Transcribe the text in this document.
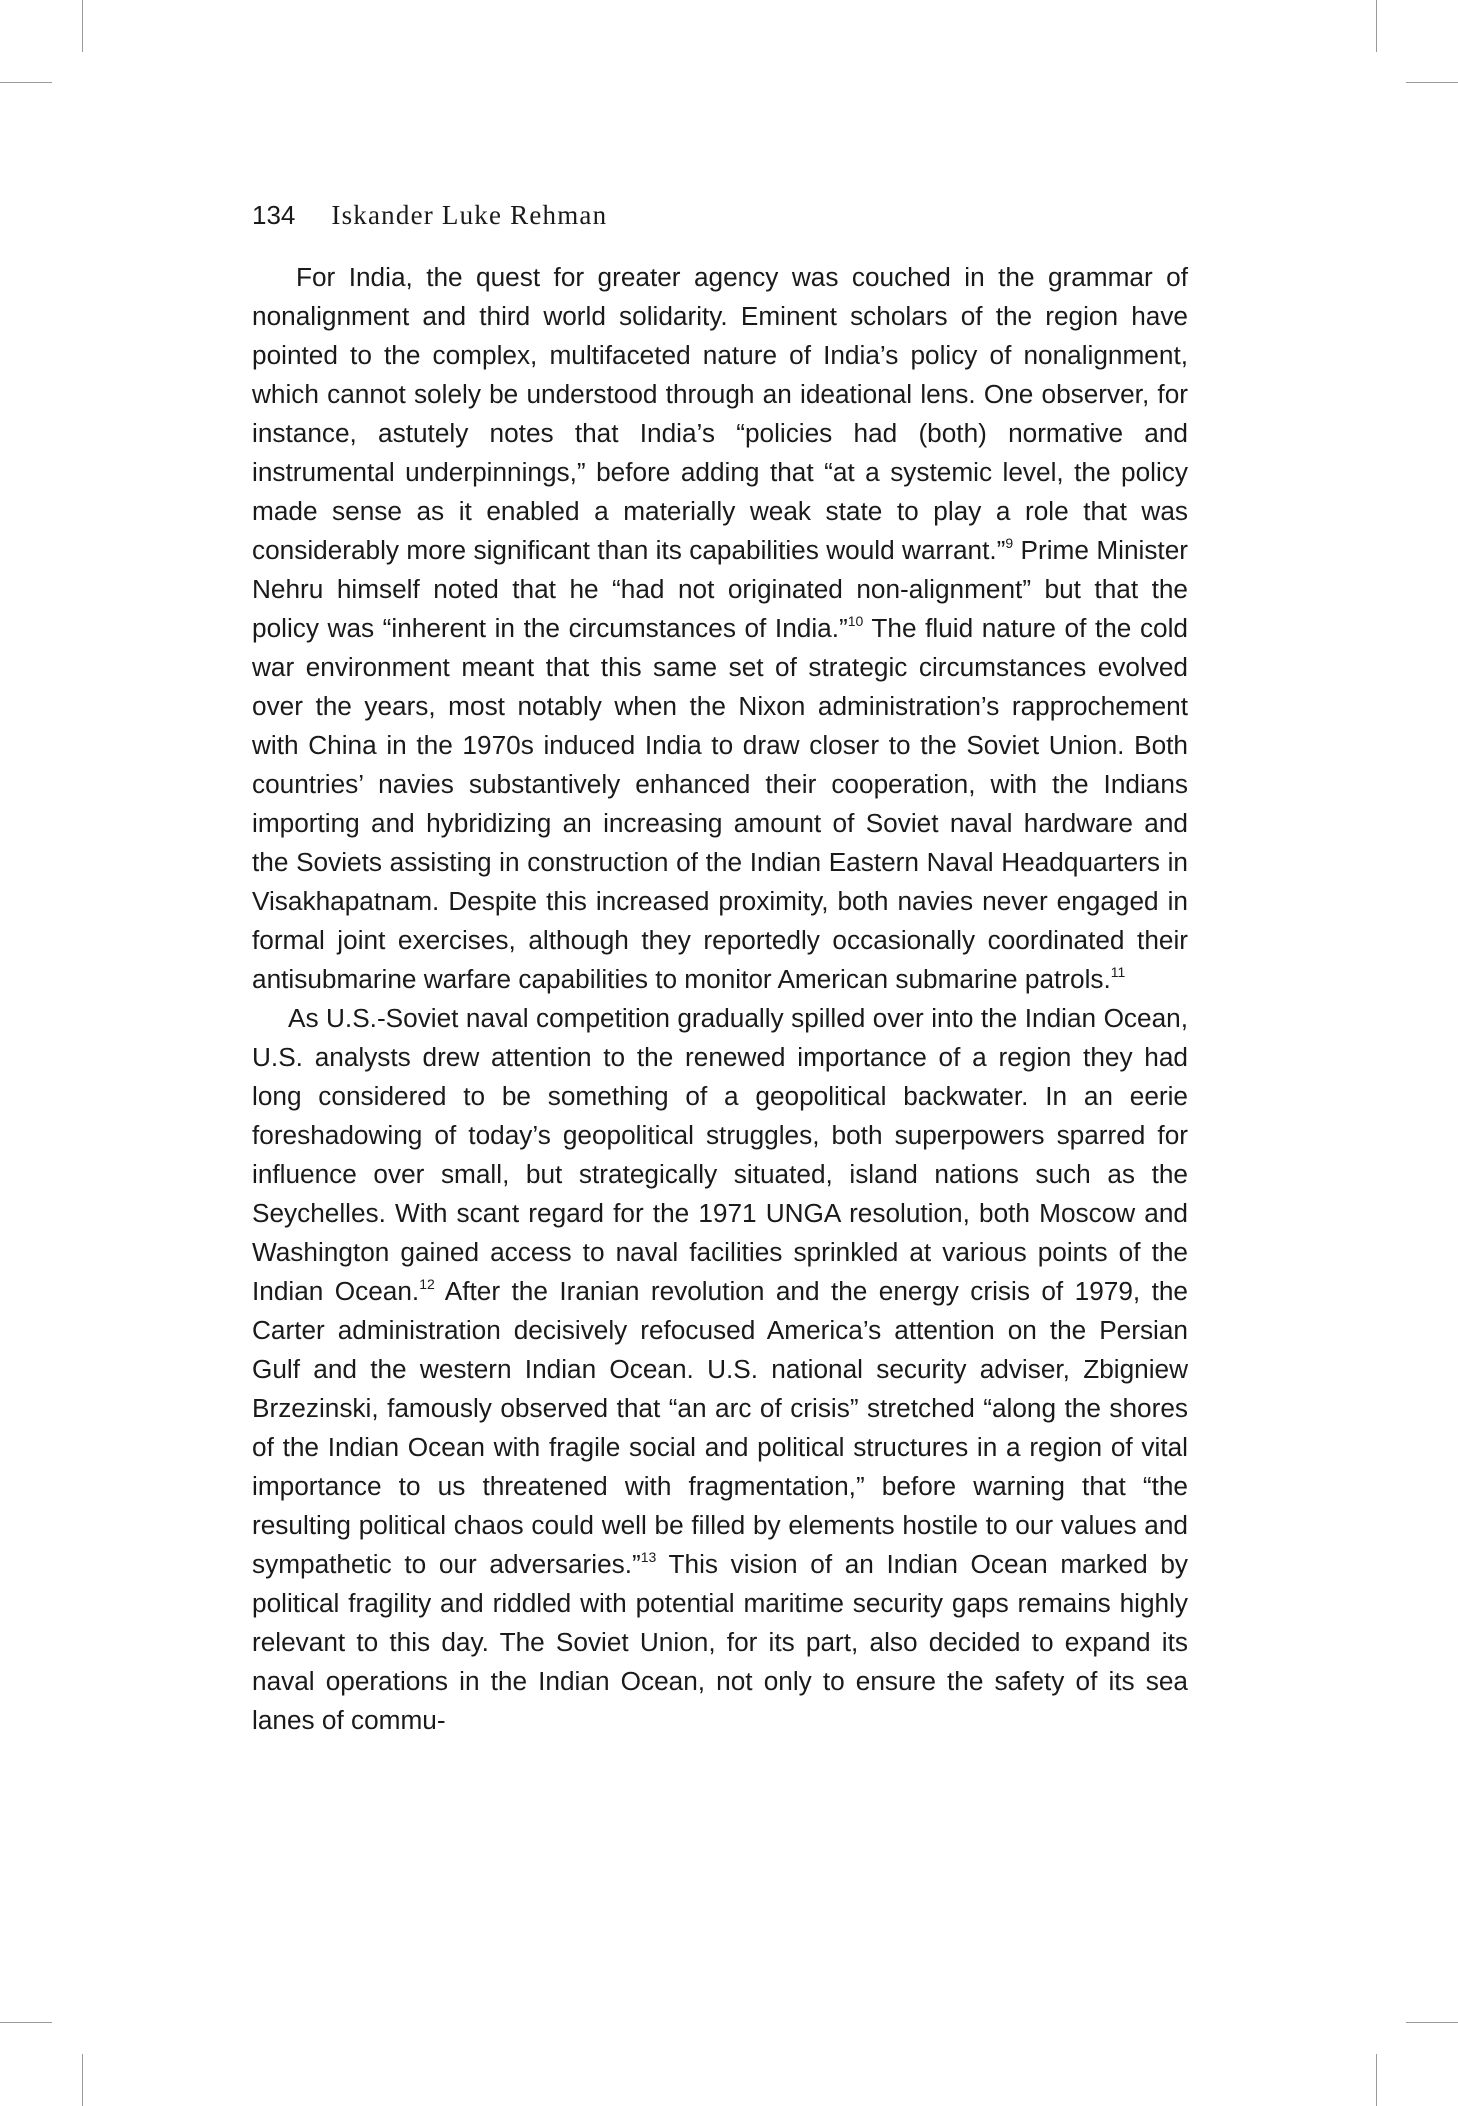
134 Iskander Luke Rehman

For India, the quest for greater agency was couched in the grammar of nonalignment and third world solidarity. Eminent scholars of the region have pointed to the complex, multifaceted nature of India’s policy of nonalignment, which cannot solely be understood through an ideational lens. One observer, for instance, astutely notes that India’s “policies had (both) normative and instrumental underpinnings,” before adding that “at a systemic level, the policy made sense as it enabled a materially weak state to play a role that was considerably more significant than its capabilities would warrant.”$^9$ Prime Minister Nehru himself noted that he “had not originated non-alignment” but that the policy was “inherent in the circumstances of India.”$^{10}$ The fluid nature of the cold war environment meant that this same set of strategic circumstances evolved over the years, most notably when the Nixon administration’s rapprochement with China in the 1970s induced India to draw closer to the Soviet Union. Both countries’ navies substantively enhanced their cooperation, with the Indians importing and hybridizing an increasing amount of Soviet naval hardware and the Soviets assisting in construction of the Indian Eastern Naval Headquarters in Visakhapatnam. Despite this increased proximity, both navies never engaged in formal joint exercises, although they reportedly occasionally coordinated their antisubmarine warfare capabilities to monitor American submarine patrols.$^{11}$

As U.S.-Soviet naval competition gradually spilled over into the Indian Ocean, U.S. analysts drew attention to the renewed importance of a region they had long considered to be something of a geopolitical backwater. In an eerie foreshadowing of today’s geopolitical struggles, both superpowers sparred for influence over small, but strategically situated, island nations such as the Seychelles. With scant regard for the 1971 UNGA resolution, both Moscow and Washington gained access to naval facilities sprinkled at various points of the Indian Ocean.$^{12}$ After the Iranian revolution and the energy crisis of 1979, the Carter administration decisively refocused America’s attention on the Persian Gulf and the western Indian Ocean. U.S. national security adviser, Zbigniew Brzezinski, famously observed that “an arc of crisis” stretched “along the shores of the Indian Ocean with fragile social and political structures in a region of vital importance to us threatened with fragmentation,” before warning that “the resulting political chaos could well be filled by elements hostile to our values and sympathetic to our adversaries.”$^{13}$ This vision of an Indian Ocean marked by political fragility and riddled with potential maritime security gaps remains highly relevant to this day. The Soviet Union, for its part, also decided to expand its naval operations in the Indian Ocean, not only to ensure the safety of its sea lanes of commu-
